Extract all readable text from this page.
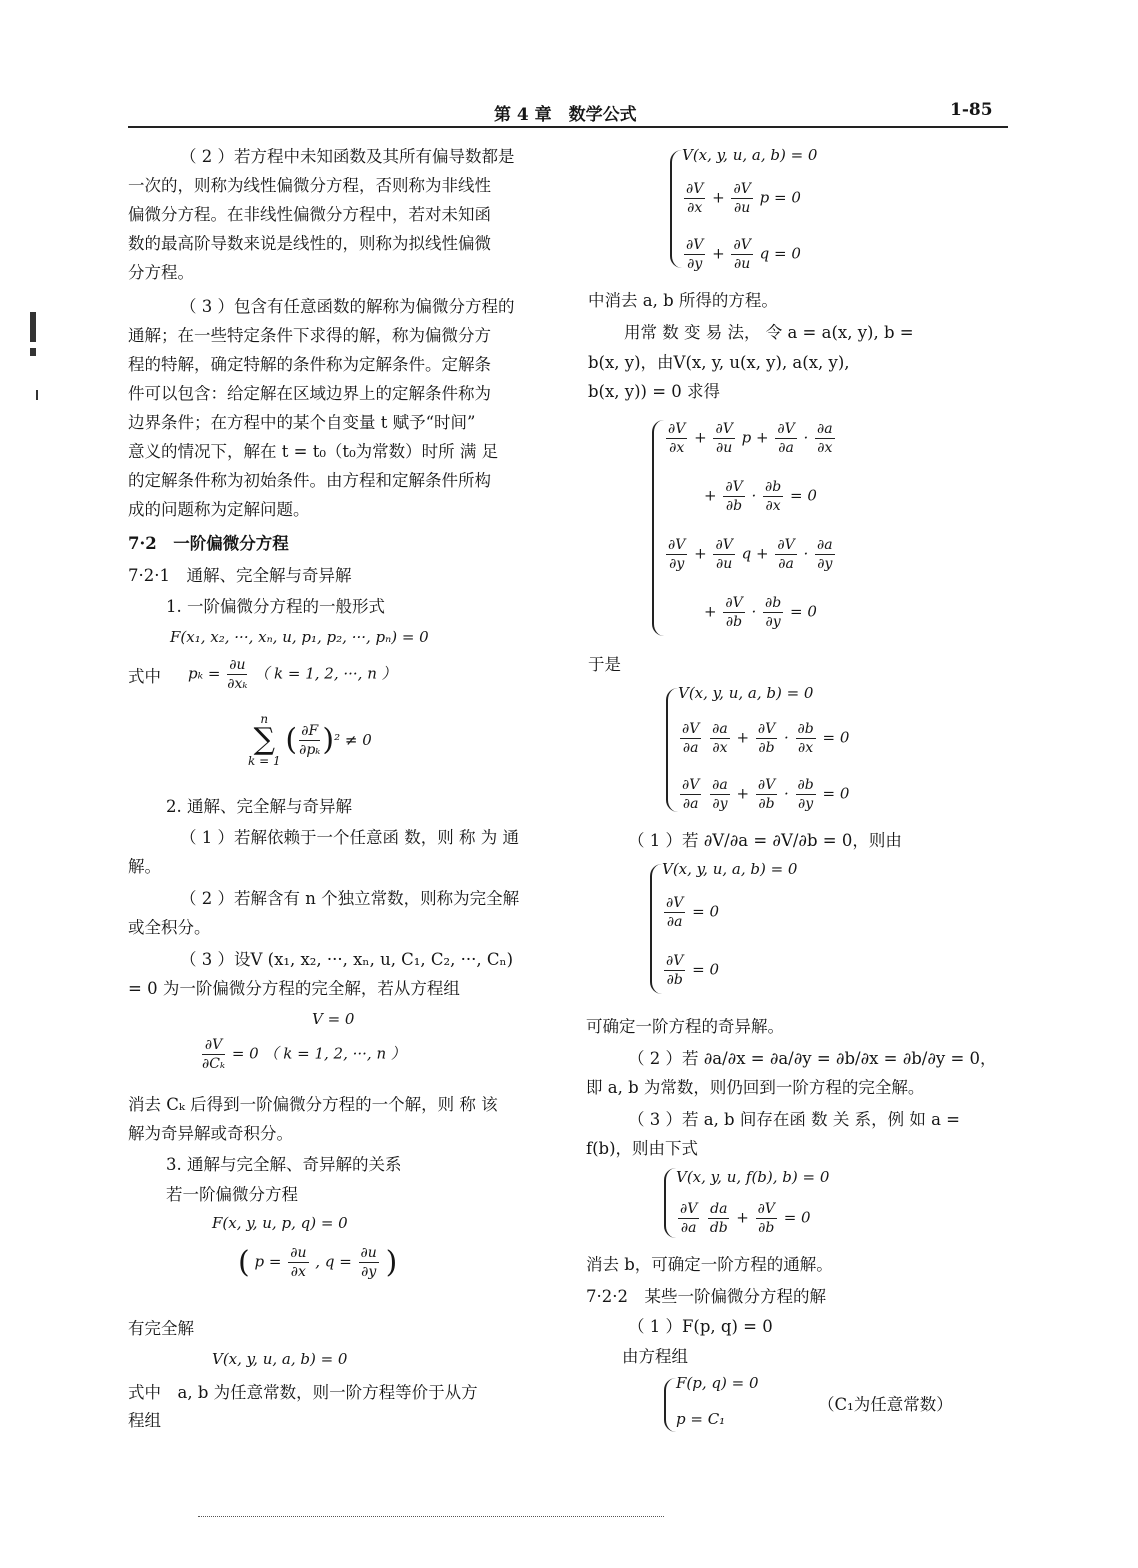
第 4 章　数学公式	1-85
（ 2 ）若方程中未知函数及其所有偏导数都是
一次的，则称为线性偏微分方程，否则称为非线性
偏微分方程。在非线性偏微分方程中，若对未知函
数的最高阶导数来说是线性的，则称为拟线性偏微
分方程。
（ 3 ）包含有任意函数的解称为偏微分方程的
通解；在一些特定条件下求得的解，称为偏微分方
程的特解，确定特解的条件称为定解条件。定解条
件可以包含：给定解在区域边界上的定解条件称为
边界条件；在方程中的某个自变量 t 赋予“时间”
意义的情况下，解在 t = t₀（t₀为常数）时所 满 足
的定解条件称为初始条件。由方程和定解条件所构
成的问题称为定解问题。
7·2　一阶偏微分方程
7·2·1　通解、完全解与奇异解
1. 一阶偏微分方程的一般形式
F(x₁, x₂, ···, xₙ, u, p₁, p₂, ···, pₙ) = 0
式中 $p_k = \frac{\partial u}{\text{∂xₖ}}$ （ k = 1, 2, ···, n ）
n
∑
k = 1
( $\frac{\partial F}{\text{∂pₖ}} )^2 \ne 0$
2. 通解、完全解与奇异解
（ 1 ）若解依赖于一个任意函 数，则 称 为 通
解。
（ 2 ）若解含有 n 个独立常数，则称为完全解
或全积分。
（ 3 ）设V (x₁, x₂, ···, xₙ, u, C₁, C₂, ···, Cₙ)
= 0 为一阶偏微分方程的完全解，若从方程组
V = 0
$\frac{\partial V}{\text{∂Cₖ}} = 0$ （ k = 1, 2, ···, n ）
消去 Cₖ 后得到一阶偏微分方程的一个解，则 称 该
解为奇异解或奇积分。
3. 通解与完全解、奇异解的关系
若一阶偏微分方程
F(x, y, u, p, q) = 0
( $p = \frac{\partial u}{\partial x}$ , $q = \frac{\partial u}{\partial y}$ )
有完全解
V(x, y, u, a, b) = 0
式中　a, b 为任意常数，则一阶方程等价于从方
程组
V(x, y, u, a, b) = 0
$\frac{\partial V}{\partial x} + \frac{\partial V}{\partial u}$ p = 0
$\frac{\partial V}{\partial y} + \frac{\partial V}{\partial u}$ q = 0
中消去 a, b 所得的方程。
用常 数 变 易 法， 令 a = a(x, y), b =
b(x, y)，由V(x, y, u(x, y), a(x, y),
b(x, y)) = 0 求得
$\frac{\partial V}{\partial x} + \frac{\partial V}{\partial u}$ $p + \frac{\partial V}{\partial a} \cdot \frac{\partial a}{\partial x}$
+ $\frac{\partial V}{\partial b} \cdot \frac{\partial b}{\partial x} = 0$
$\frac{\partial V}{\partial y} + \frac{\partial V}{\partial u}$ $q + \frac{\partial V}{\partial a} \cdot \frac{\partial a}{\partial y}$
+ $\frac{\partial V}{\partial b} \cdot \frac{\partial b}{\partial y} = 0$
于是
V(x, y, u, a, b) = 0
$\frac{\partial V}{\partial a}$
$\frac{\partial a}{\partial x} + \frac{\partial V}{\partial b} \cdot \frac{\partial b}{\partial x} = 0$
$\frac{\partial V}{\partial a}$
$\frac{\partial a}{\partial y} + \frac{\partial V}{\partial b} \cdot \frac{\partial b}{\partial y} = 0$
（ 1 ）若 ∂V/∂a = ∂V/∂b = 0，则由
V(x, y, u, a, b) = 0
$\frac{\partial V}{\partial a} = 0$
$\frac{\partial V}{\partial b} = 0$
可确定一阶方程的奇异解。
（ 2 ）若 ∂a/∂x = ∂a/∂y = ∂b/∂x = ∂b/∂y = 0，
即 a, b 为常数，则仍回到一阶方程的完全解。
（ 3 ）若 a, b 间存在函 数 关 系，例 如 a =
f(b)，则由下式
V(x, y, u, f(b), b) = 0
$\frac{\partial V}{\partial a}$
$\frac{da}{db} + \frac{\partial V}{\partial b} = 0$
消去 b，可确定一阶方程的通解。
7·2·2　某些一阶偏微分方程的解
（ 1 ）F(p, q) = 0
由方程组
F(p, q) = 0
p = C₁
（C₁为任意常数）
